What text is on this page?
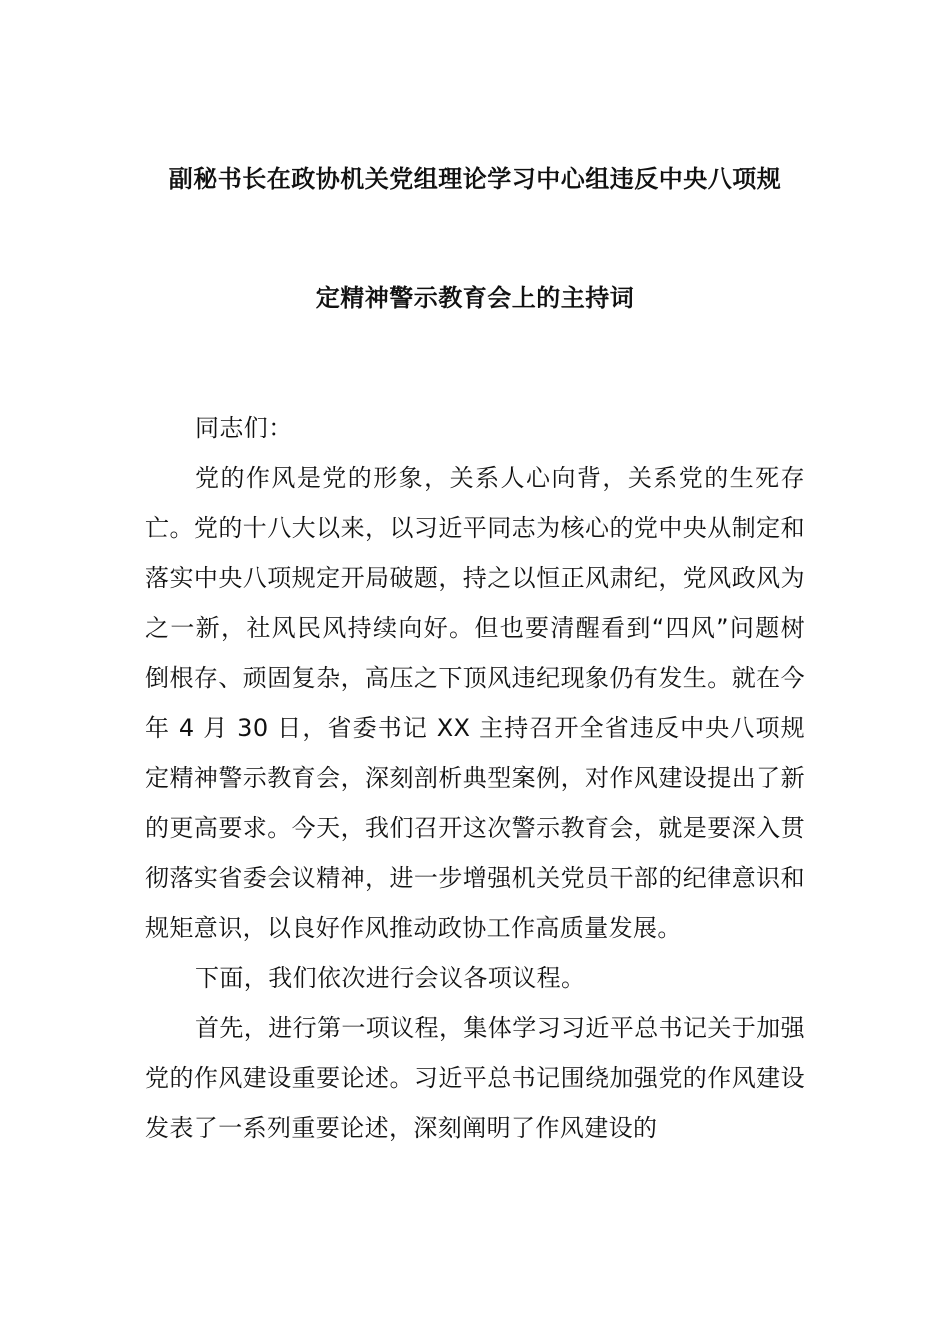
副秘书长在政协机关党组理论学习中心组违反中央八项规
定精神警示教育会上的主持词

同志们：

党的作风是党的形象，关系人心向背，关系党的生死存亡。党的十八大以来，以习近平同志为核心的党中央从制定和落实中央八项规定开局破题，持之以恒正风肃纪，党风政风为之一新，社风民风持续向好。但也要清醒看到“四风”问题树倒根存、顽固复杂，高压之下顶风违纪现象仍有发生。就在今年 4 月 30 日，省委书记 XX 主持召开全省违反中央八项规定精神警示教育会，深刻剖析典型案例，对作风建设提出了新的更高要求。今天，我们召开这次警示教育会，就是要深入贯彻落实省委会议精神，进一步增强机关党员干部的纪律意识和规矩意识，以良好作风推动政协工作高质量发展。

下面，我们依次进行会议各项议程。

首先，进行第一项议程，集体学习习近平总书记关于加强党的作风建设重要论述。习近平总书记围绕加强党的作风建设发表了一系列重要论述，深刻阐明了作风建设的
